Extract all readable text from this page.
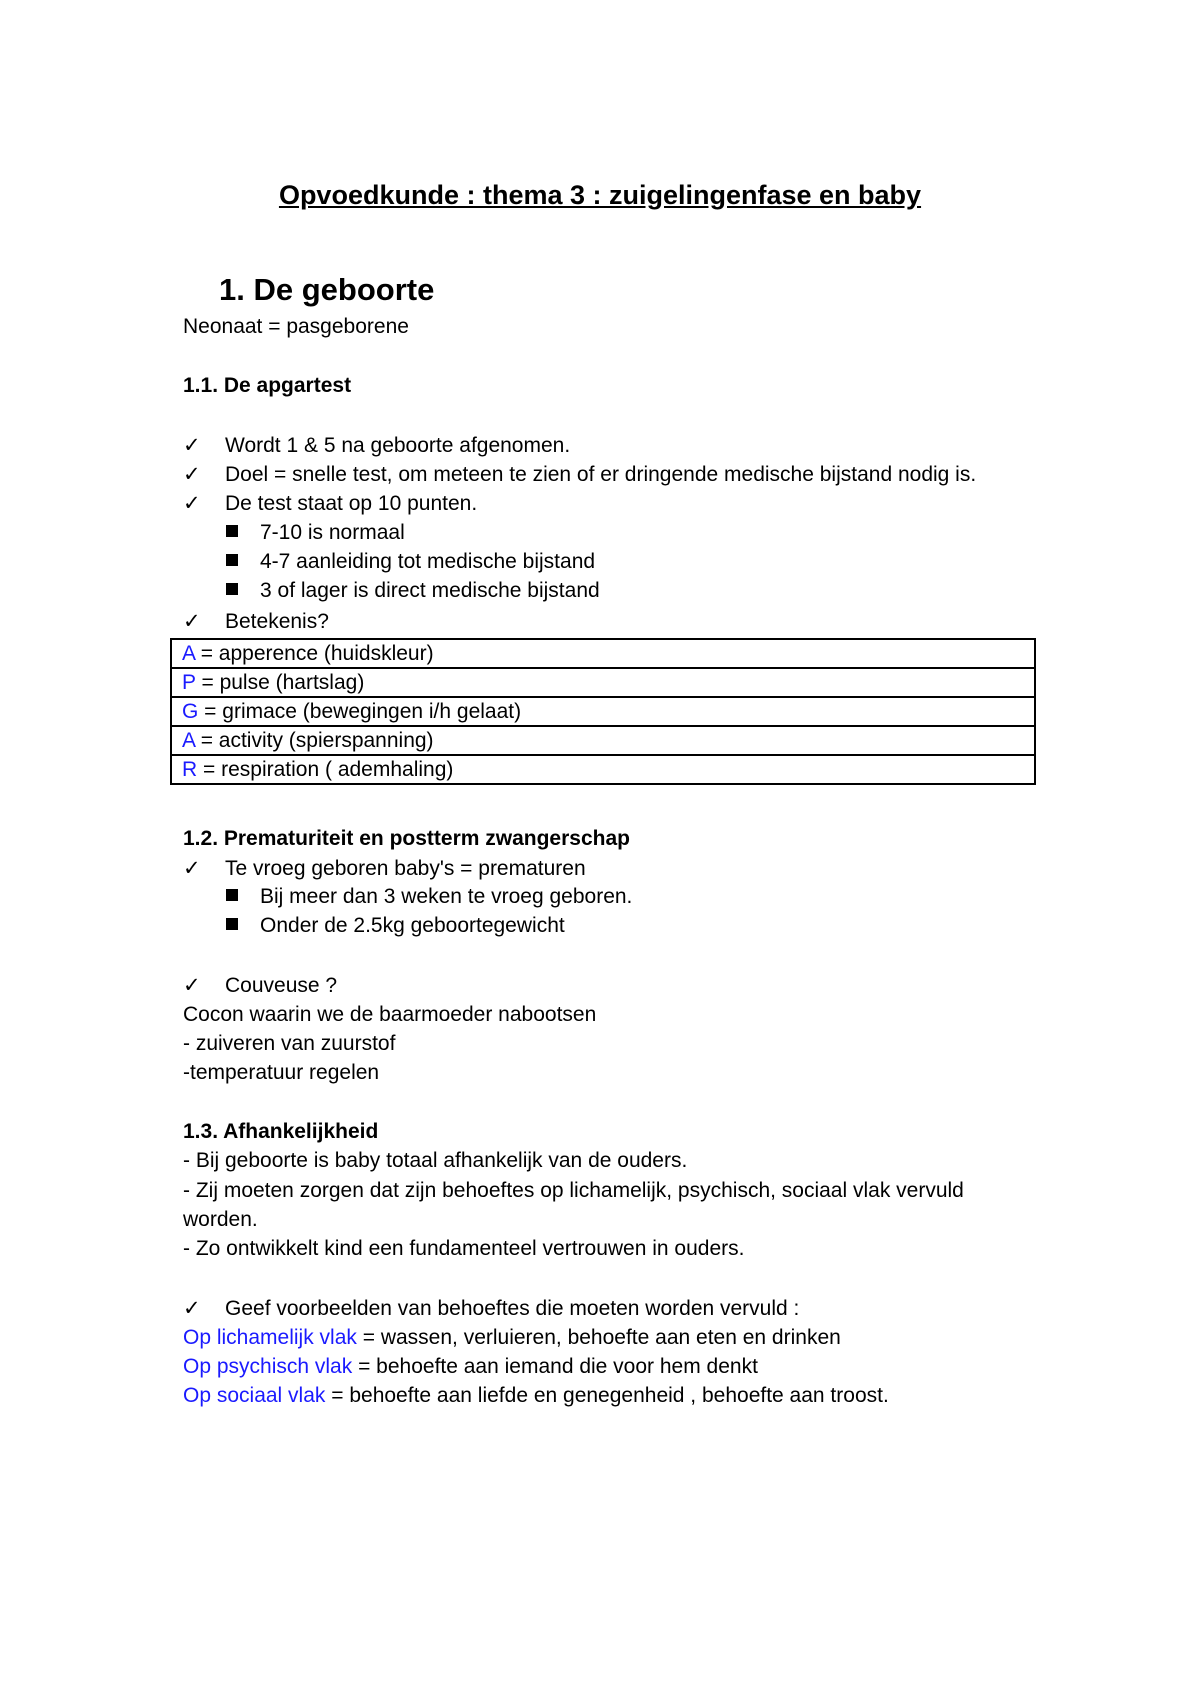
Opvoedkunde : thema 3 : zuigelingenfase en baby
1. De geboorte
Neonaat = pasgeborene
1.1. De apgartest
✓ Wordt 1 & 5 na geboorte afgenomen.
✓ Doel = snelle test, om meteen te zien of er dringende medische bijstand nodig is.
✓ De test staat op 10 punten.
7-10 is normaal
4-7 aanleiding tot medische bijstand
3 of lager is direct medische bijstand
✓ Betekenis?
A = apperence (huidskleur)
P = pulse (hartslag)
G = grimace (bewegingen i/h gelaat)
A = activity (spierspanning)
R = respiration ( ademhaling)
1.2. Prematuriteit en postterm zwangerschap
✓ Te vroeg geboren baby's = prematuren
Bij meer dan 3 weken te vroeg geboren.
Onder de 2.5kg geboortegewicht
✓ Couveuse ?
Cocon waarin we de baarmoeder nabootsen
- zuiveren van zuurstof
-temperatuur regelen
1.3. Afhankelijkheid
- Bij geboorte is baby totaal afhankelijk van de ouders.
- Zij moeten zorgen dat zijn behoeftes op lichamelijk, psychisch, sociaal vlak vervuld
worden.
- Zo ontwikkelt kind een fundamenteel vertrouwen in ouders.
✓ Geef voorbeelden van behoeftes die moeten worden vervuld :
Op lichamelijk vlak = wassen, verluieren, behoefte aan eten en drinken
Op psychisch vlak = behoefte aan iemand die voor hem denkt
Op sociaal vlak = behoefte aan liefde en genegenheid , behoefte aan troost.
